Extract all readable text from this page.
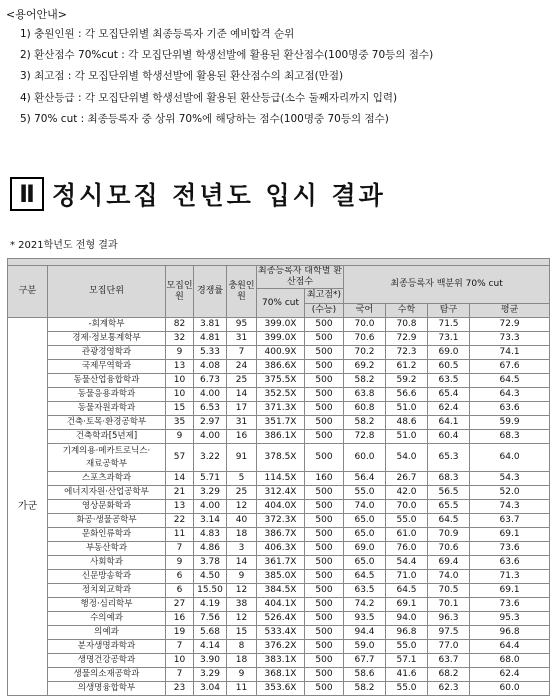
<용어안내>
1) 충원인원 : 각 모집단위별 최종등록자 기준 예비합격 순위
2) 환산점수 70%cut : 각 모집단위별 학생선발에 활용된 환산점수(100명중 70등의 점수)
3) 최고점 : 각 모집단위별 학생선발에 활용된 환산점수의 최고점(만점)
4) 환산등급 : 각 모집단위별 학생선발에 활용된 환산등급(소수 둘째자리까지 입력)
5) 70% cut : 최종등록자 중 상위 70%에 해당하는 점수(100명중 70등의 점수)
Ⅱ 정시모집 전년도 입시 결과
* 2021학년도 전형 결과

구분	모집단위	모집인원	경쟁률	충원인원	최종등록자 대학별 환산점수		최종등록자 백분위 70% cut			
					70% cut	최고점*)				
						(수능)	국어	수학	탐구	평균
가군	-회계학부	82	3.81	95	399.0X	500	70.0	70.8	71.5	72.9

	경제·정보통계학부	32	4.81	31	399.0X	500	70.6	72.9	73.1	73.3

	관광경영학과	9	5.33	7	400.9X	500	70.2	72.3	69.0	74.1

	국제무역학과	13	4.08	24	386.6X	500	69.2	61.2	60.5	67.6

	동물산업융합학과	10	6.73	25	375.5X	500	58.2	59.2	63.5	64.5

	동물응용과학과	10	4.00	14	352.5X	500	63.8	56.6	65.4	64.3

	동물자원과학과	15	6.53	17	371.3X	500	60.8	51.0	62.4	63.6

	건축·토목·환경공학부	35	2.97	31	351.7X	500	58.2	48.6	64.1	59.9

	건축학과[5년제]	9	4.00	16	386.1X	500	72.8	51.0	60.4	68.3

	기계의용·메카트로닉스·
재료공학부	57	3.22	91	378.5X	500	60.0	54.0	65.3	64.0

	스포츠과학과	14	5.71	5	114.5X	160	56.4	26.7	68.3	54.3

	에너지자원·산업공학부	21	3.29	25	312.4X	500	55.0	42.0	56.5	52.0

	영상문화학과	13	4.00	12	404.0X	500	74.0	70.0	65.5	74.3

	화공·생물공학부	22	3.14	40	372.3X	500	65.0	55.0	64.5	63.7

	문화인류학과	11	4.83	18	386.7X	500	65.0	61.0	70.9	69.1

	부동산학과	7	4.86	3	406.3X	500	69.0	76.0	70.6	73.6

	사회학과	9	3.78	14	361.7X	500	65.0	54.4	69.4	63.6

	신문방송학과	6	4.50	9	385.0X	500	64.5	71.0	74.0	71.3

	정치외교학과	6	15.50	12	384.5X	500	63.5	64.5	70.5	69.1

	행정·심리학부	27	4.19	38	404.1X	500	74.2	69.1	70.1	73.6

	수의예과	16	7.56	12	526.4X	500	93.5	94.0	96.3	95.3

	의예과	19	5.68	15	533.4X	500	94.4	96.8	97.5	96.8

	분자생명과학과	7	4.14	8	376.2X	500	59.0	55.0	77.0	64.4

	생명건강공학과	10	3.90	18	383.1X	500	67.7	57.1	63.7	68.0

	생물의소재공학과	7	3.29	9	368.1X	500	58.6	41.6	68.2	62.4

	의생명융합학부	23	3.04	11	353.6X	500	58.2	55.0	62.3	60.0
